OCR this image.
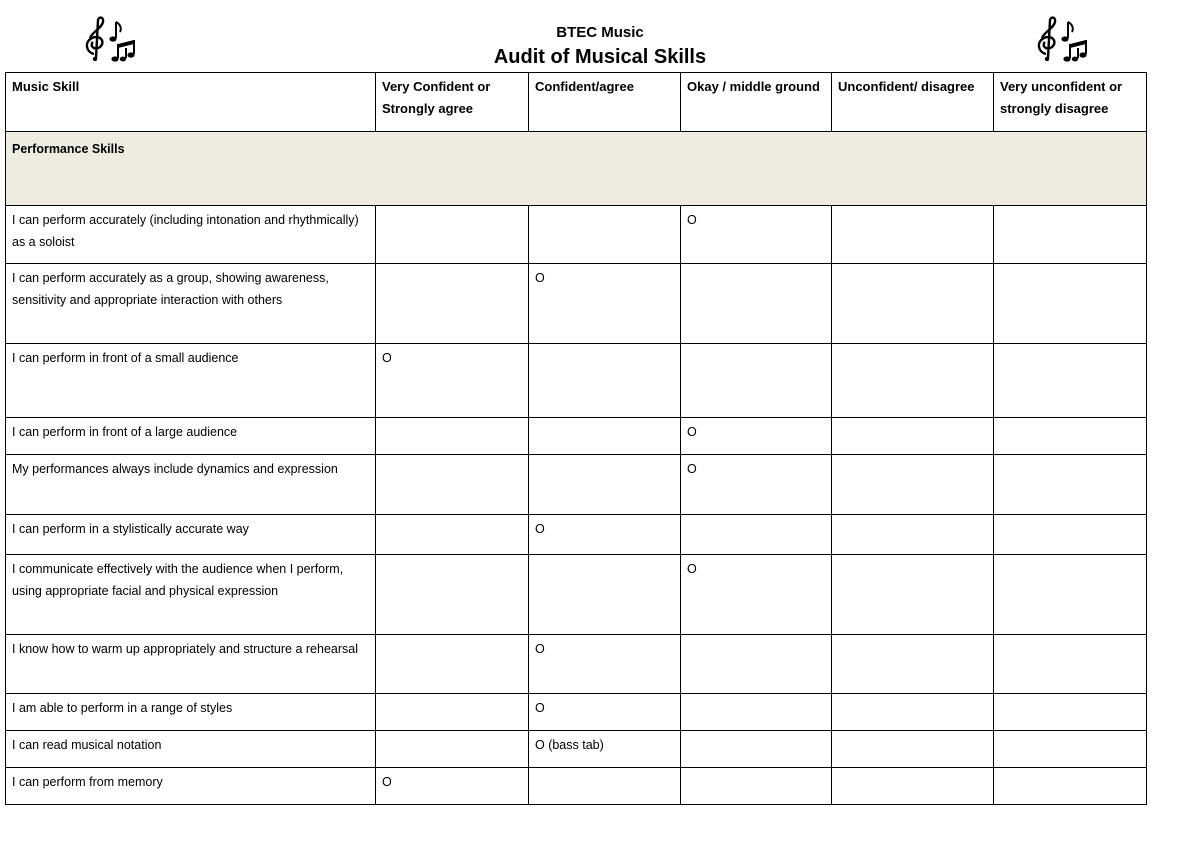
BTEC Music
Audit of Musical Skills
Music Skill	Very Confident or Strongly agree	Confident/agree	Okay / middle ground	Unconfident/ disagree	Very unconfident or strongly disagree
Performance Skills					
I can perform accurately (including intonation and rhythmically) as a soloist			O		
I can perform accurately as a group, showing awareness, sensitivity and appropriate interaction with others		O			
I can perform in front of a small audience	O				
I can perform in front of a large audience			O		
My performances always include dynamics and expression			O		
I can perform in a stylistically accurate way		O			
I communicate effectively with the audience when I perform, using appropriate facial and physical expression			O		
I know how to warm up appropriately and structure a rehearsal		O			
I am able to perform in a range of styles		O			
I can read musical notation		O (bass tab)			
I can perform from memory	O				
